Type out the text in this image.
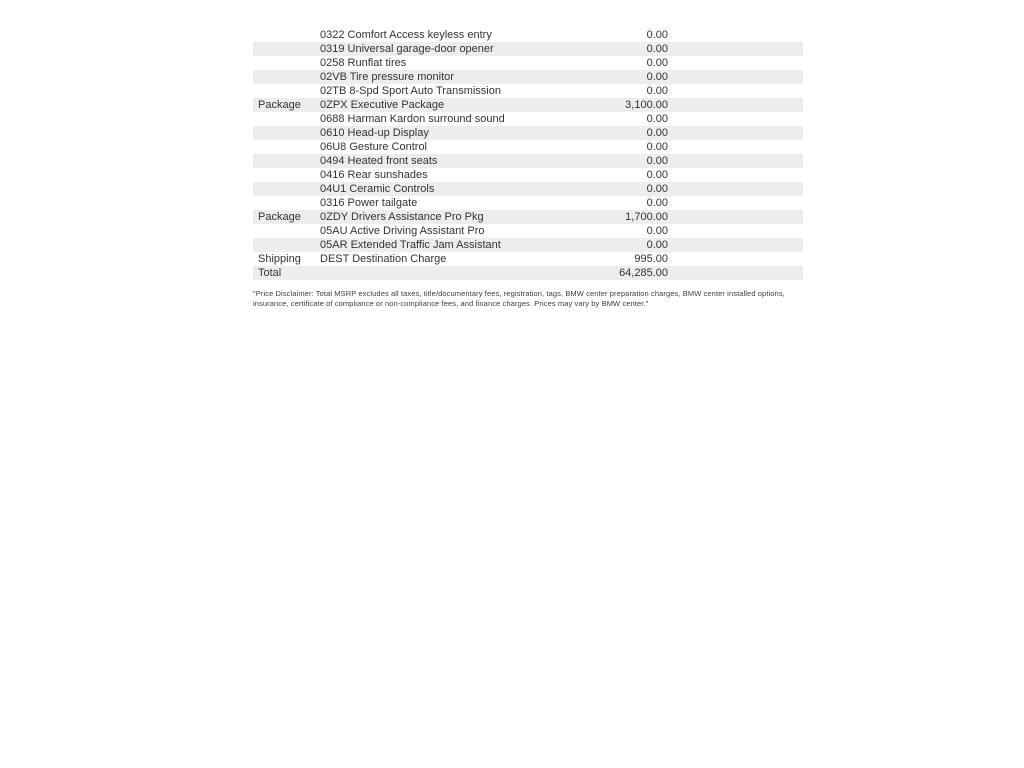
0322 Comfort Access keyless entry	0.00
0319 Universal garage-door opener	0.00
0258 Runflat tires	0.00
02VB Tire pressure monitor	0.00
02TB 8-Spd Sport Auto Transmission	0.00
Package	0ZPX Executive Package	3,100.00
0688 Harman Kardon surround sound	0.00
0610 Head-up Display	0.00
06U8 Gesture Control	0.00
0494 Heated front seats	0.00
0416 Rear sunshades	0.00
04U1 Ceramic Controls	0.00
0316 Power tailgate	0.00
Package	0ZDY Drivers Assistance Pro Pkg	1,700.00
05AU Active Driving Assistant Pro	0.00
05AR Extended Traffic Jam Assistant	0.00
Shipping	DEST Destination Charge	995.00
Total	64,285.00

"Price Disclaimer: Total MSRP excludes all taxes, title/documentary fees, registration, tags, BMW center preparation charges, BMW center installed options, insurance, certificate of compliance or non-compliance fees, and finance charges. Prices may vary by BMW center."
